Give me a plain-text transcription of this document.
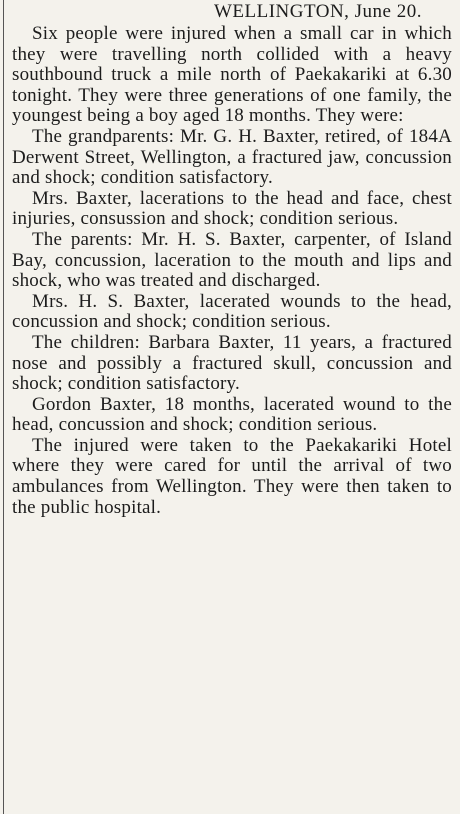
WELLINGTON, June 20.

Six people were injured when a small car in which they were travelling north collided with a heavy southbound truck a mile north of Paekakariki at 6.30 tonight. They were three generations of one family, the youngest being a boy aged 18 months. They were:

The grandparents: Mr. G. H. Baxter, retired, of 184A Derwent Street, Wellington, a fractured jaw, concussion and shock; condition satisfactory.

Mrs. Baxter, lacerations to the head and face, chest injuries, consussion and shock; condition serious.

The parents: Mr. H. S. Baxter, carpenter, of Island Bay, concussion, laceration to the mouth and lips and shock, who was treated and discharged.

Mrs. H. S. Baxter, lacerated wounds to the head, concussion and shock; condition serious.

The children: Barbara Baxter, 11 years, a fractured nose and possibly a fractured skull, concussion and shock; condition satisfactory.

Gordon Baxter, 18 months, lacerated wound to the head, concussion and shock; condition serious.

The injured were taken to the Paekakariki Hotel where they were cared for until the arrival of two ambulances from Wellington. They were then taken to the public hospital.
